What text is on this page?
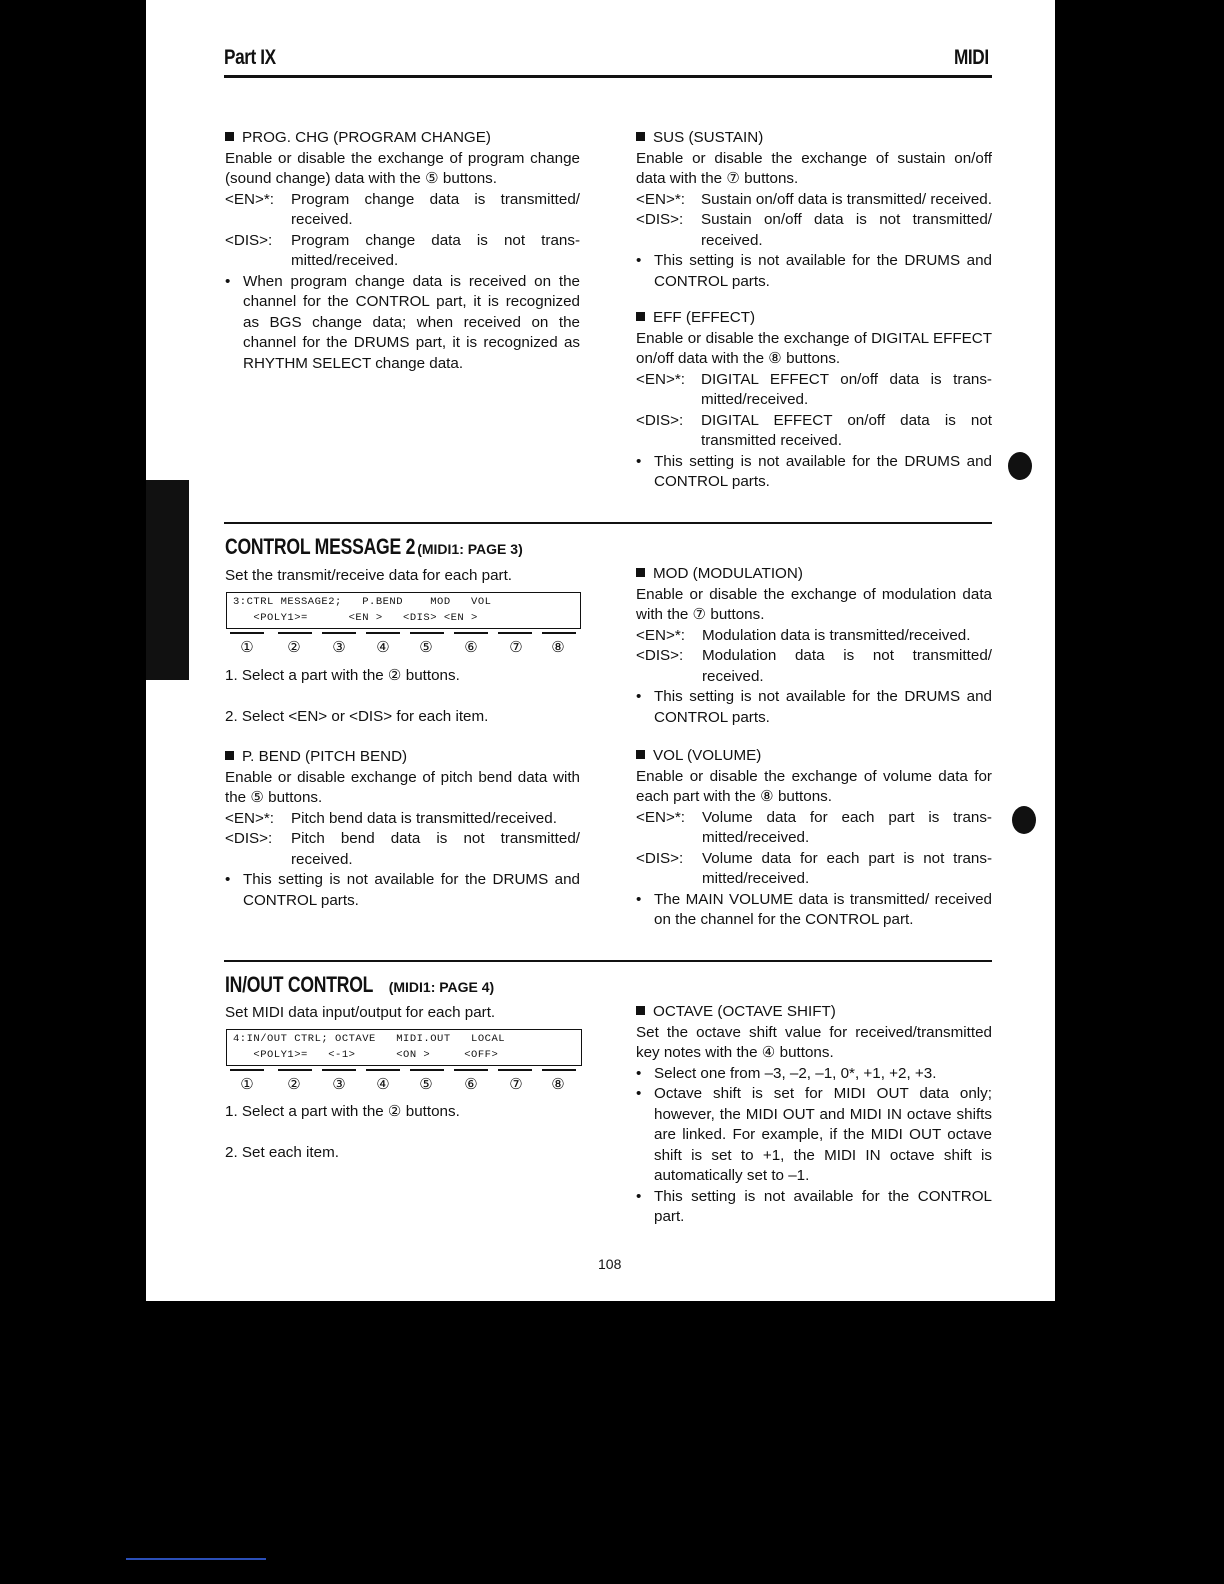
Part IX	MIDI
Practical applications

PROG. CHG (PROGRAM CHANGE)

Enable or disable the exchange of program change (sound change) data with the ⑤ buttons.

<EN>*:	Program change data is transmitted/ received.
<DIS>:	Program change data is not trans- mitted/received.
• When program change data is received on the channel for the CONTROL part, it is recognized as BGS change data; when received on the channel for the DRUMS part, it is recognized as RHYTHM SELECT change data.

SUS (SUSTAIN)

Enable or disable the exchange of sustain on/off data with the ⑦ buttons.

<EN>*:	Sustain on/off data is transmitted/ received.
<DIS>:	Sustain on/off data is not transmitted/ received.
• This setting is not available for the DRUMS and CONTROL parts.

EFF (EFFECT)

Enable or disable the exchange of DIGITAL EFFECT on/off data with the ⑧ buttons.

<EN>*:	DIGITAL EFFECT on/off data is trans- mitted/received.
<DIS>:	DIGITAL EFFECT on/off data is not transmitted received.
• This setting is not available for the DRUMS and CONTROL parts.
CONTROL MESSAGE 2 (MIDI1: PAGE 3)

Set the transmit/receive data for each part.

3:CTRL MESSAGE2;   P.BEND    MOD   VOL
<POLY1>=      <EN >   <DIS> <EN >
① ② ③ ④ ⑤ ⑥ ⑦ ⑧

1. Select a part with the ② buttons.

2. Select <EN> or <DIS> for each item.

P. BEND (PITCH BEND)

Enable or disable exchange of pitch bend data with the ⑤ buttons.

<EN>*:	Pitch bend data is transmitted/received.
<DIS>:	Pitch bend data is not transmitted/ received.
• This setting is not available for the DRUMS and CONTROL parts.

MOD (MODULATION)

Enable or disable the exchange of modulation data with the ⑦ buttons.

<EN>*:	Modulation data is transmitted/received.
<DIS>:	Modulation data is not transmitted/ received.
• This setting is not available for the DRUMS and CONTROL parts.

VOL (VOLUME)

Enable or disable the exchange of volume data for each part with the ⑧ buttons.

<EN>*:	Volume data for each part is trans- mitted/received.
<DIS>:	Volume data for each part is not trans- mitted/received.
• The MAIN VOLUME data is transmitted/ received on the channel for the CONTROL part.
IN/OUT CONTROL (MIDI1: PAGE 4)

Set MIDI data input/output for each part.

4:IN/OUT CTRL; OCTAVE   MIDI.OUT   LOCAL
<POLY1>=   <-1>      <ON >     <OFF>
① ② ③ ④ ⑤ ⑥ ⑦ ⑧

1. Select a part with the ② buttons.

2. Set each item.

OCTAVE (OCTAVE SHIFT)

Set the octave shift value for received/transmitted key notes with the ④ buttons.

• Select one from –3, –2, –1, 0*, +1, +2, +3.
• Octave shift is set for MIDI OUT data only; however, the MIDI OUT and MIDI IN octave shifts are linked. For example, if the MIDI OUT octave shift is set to +1, the MIDI IN octave shift is automatically set to –1.
• This setting is not available for the CONTROL part.
108
